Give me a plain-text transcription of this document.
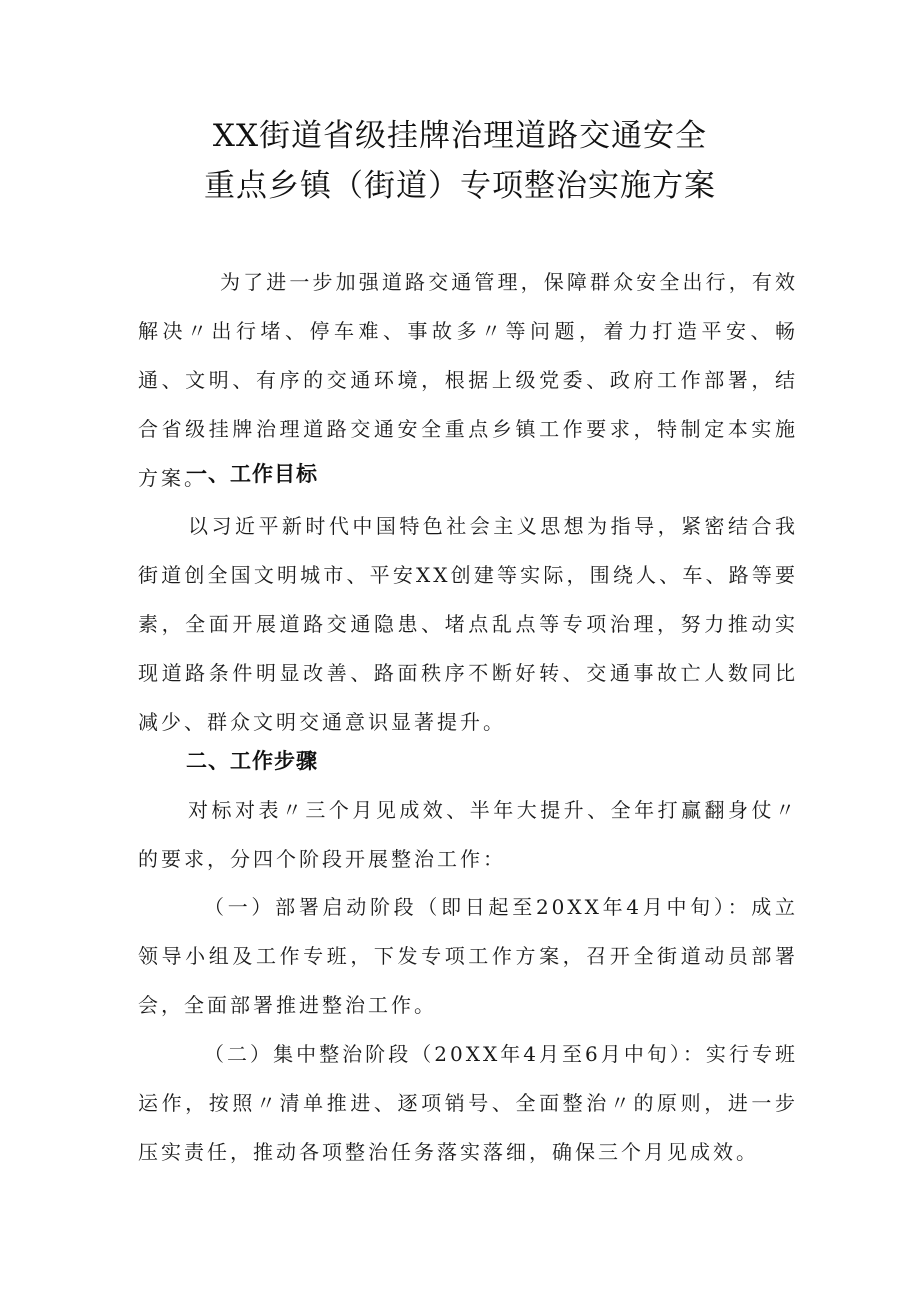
XX街道省级挂牌治理道路交通安全
重点乡镇（街道）专项整治实施方案

为了进一步加强道路交通管理，保障群众安全出行，有效解决〃出行堵、停车难、事故多〃等问题，着力打造平安、畅通、文明、有序的交通环境，根据上级党委、政府工作部署，结合省级挂牌治理道路交通安全重点乡镇工作要求，特制定本实施方案。

一、工作目标

以习近平新时代中国特色社会主义思想为指导，紧密结合我街道创全国文明城市、平安XX创建等实际，围绕人、车、路等要素，全面开展道路交通隐患、堵点乱点等专项治理，努力推动实现道路条件明显改善、路面秩序不断好转、交通事故亡人数同比减少、群众文明交通意识显著提升。

二、工作步骤

对标对表〃三个月见成效、半年大提升、全年打赢翻身仗〃的要求，分四个阶段开展整治工作：

（一）部署启动阶段（即日起至20XX年4月中旬）：成立领导小组及工作专班，下发专项工作方案，召开全街道动员部署会，全面部署推进整治工作。

（二）集中整治阶段（20XX年4月至6月中旬）：实行专班运作，按照〃清单推进、逐项销号、全面整治〃的原则，进一步压实责任，推动各项整治任务落实落细，确保三个月见成效。
